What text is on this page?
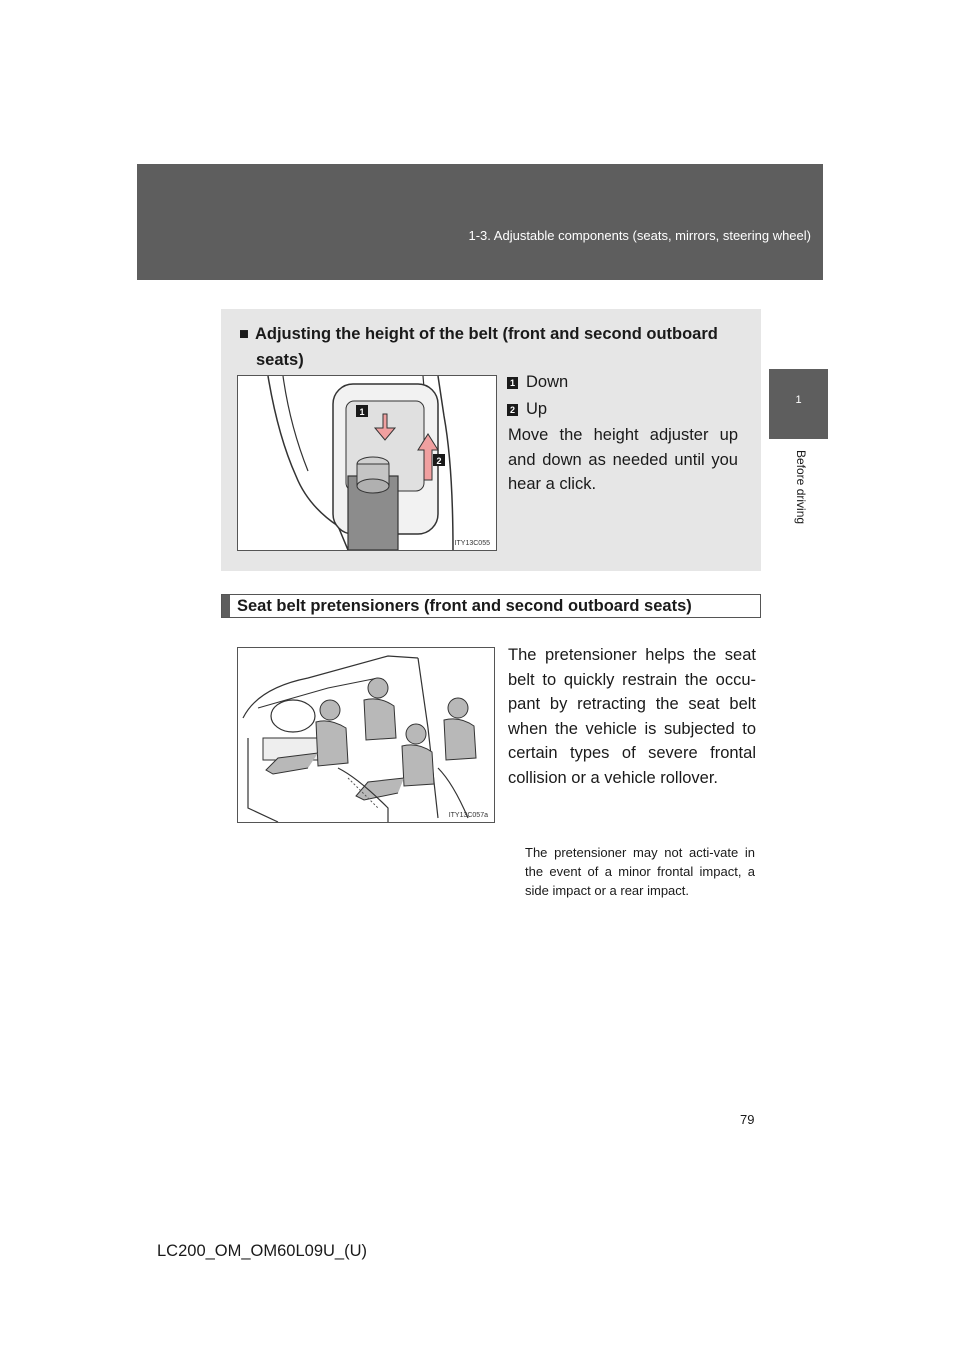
1-3. Adjustable components (seats, mirrors, steering wheel)
1
Before driving
■ Adjusting the height of the belt (front and second outboard
seats)
1
2
ITY13C055
1 Down
2 Up
Move the height adjuster up and down as needed until you hear a click.
Seat belt pretensioners (front and second outboard seats)
ITY13C057a
The pretensioner helps the seat belt to quickly restrain the occu-pant by retracting the seat belt when the vehicle is subjected to certain types of severe frontal collision or a vehicle rollover.
The pretensioner may not acti-vate in the event of a minor frontal impact, a side impact or a rear impact.
79
LC200_OM_OM60L09U_(U)
